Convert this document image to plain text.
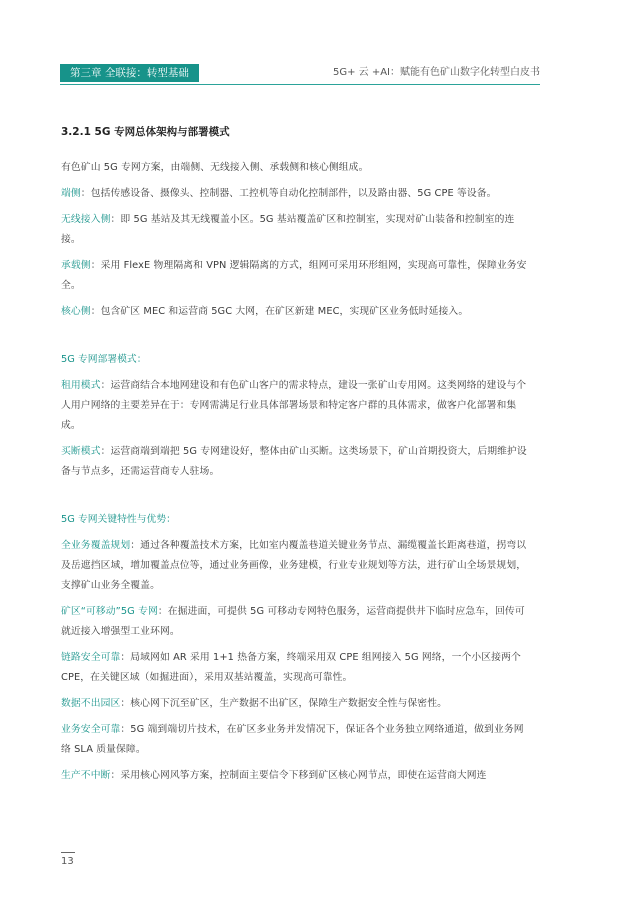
第三章 全联接：转型基础	5G+ 云 +AI：赋能有色矿山数字化转型白皮书
3.2.1 5G 专网总体架构与部署模式

有色矿山 5G 专网方案，由端侧、无线接入侧、承载侧和核心侧组成。

端侧：包括传感设备、摄像头、控制器、工控机等自动化控制部件，以及路由器、5G CPE 等设备。

无线接入侧：即 5G 基站及其无线覆盖小区。5G 基站覆盖矿区和控制室，实现对矿山装备和控制室的连接。

承载侧：采用 FlexE 物理隔离和 VPN 逻辑隔离的方式，组网可采用环形组网，实现高可靠性，保障业务安全。

核心侧：包含矿区 MEC 和运营商 5GC 大网，在矿区新建 MEC，实现矿区业务低时延接入。

5G 专网部署模式：

租用模式：运营商结合本地网建设和有色矿山客户的需求特点，建设一张矿山专用网。这类网络的建设与个人用户网络的主要差异在于：专网需满足行业具体部署场景和特定客户群的具体需求，做客户化部署和集成。

买断模式：运营商端到端把 5G 专网建设好，整体由矿山买断。这类场景下，矿山首期投资大，后期维护设备与节点多，还需运营商专人驻场。

5G 专网关键特性与优势：

全业务覆盖规划：通过各种覆盖技术方案，比如室内覆盖巷道关键业务节点、漏缆覆盖长距离巷道，拐弯以及岳遮挡区域，增加覆盖点位等，通过业务画像，业务建模，行业专业规划等方法，进行矿山全场景规划，支撑矿山业务全覆盖。

矿区“可移动”5G 专网：在掘进面，可提供 5G 可移动专网特色服务，运营商提供井下临时应急车，回传可就近接入增强型工业环网。

链路安全可靠：局域网如 AR 采用 1+1 热备方案，终端采用双 CPE 组网接入 5G 网络，一个小区接两个 CPE，在关键区域（如掘进面），采用双基站覆盖，实现高可靠性。

数据不出园区：核心网下沉至矿区，生产数据不出矿区，保障生产数据安全性与保密性。

业务安全可靠：5G 端到端切片技术，在矿区多业务并发情况下，保证各个业务独立网络通道，做到业务网络 SLA 质量保障。

生产不中断：采用核心网风筝方案，控制面主要信令下移到矿区核心网节点，即使在运营商大网连

13
